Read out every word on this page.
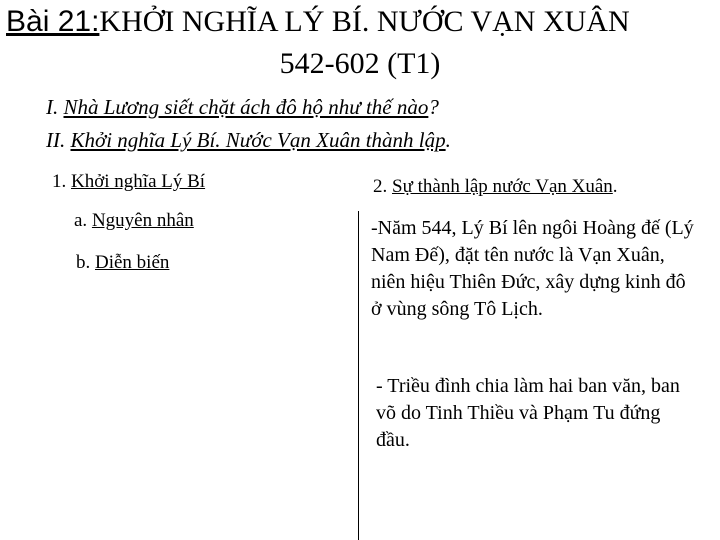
Bài 21:KHỞI NGHĨA LÝ BÍ. NƯỚC VẠN XUÂN
542-602 (T1)
I. Nhà Lương siết chặt ách đô hộ như thế nào?
II. Khởi nghĩa Lý Bí. Nước Vạn Xuân thành lập.
1. Khởi nghĩa Lý Bí
a. Nguyên nhân
b. Diễn biến
2. Sự thành lập nước Vạn Xuân.
-Năm 544, Lý Bí lên ngôi Hoàng đế (Lý Nam Đế), đặt tên nước là Vạn Xuân, niên hiệu Thiên Đức, xây dựng kinh đô ở vùng sông Tô Lịch.
- Triều đình chia làm hai ban văn, ban võ do Tinh Thiều và Phạm Tu đứng đầu.
